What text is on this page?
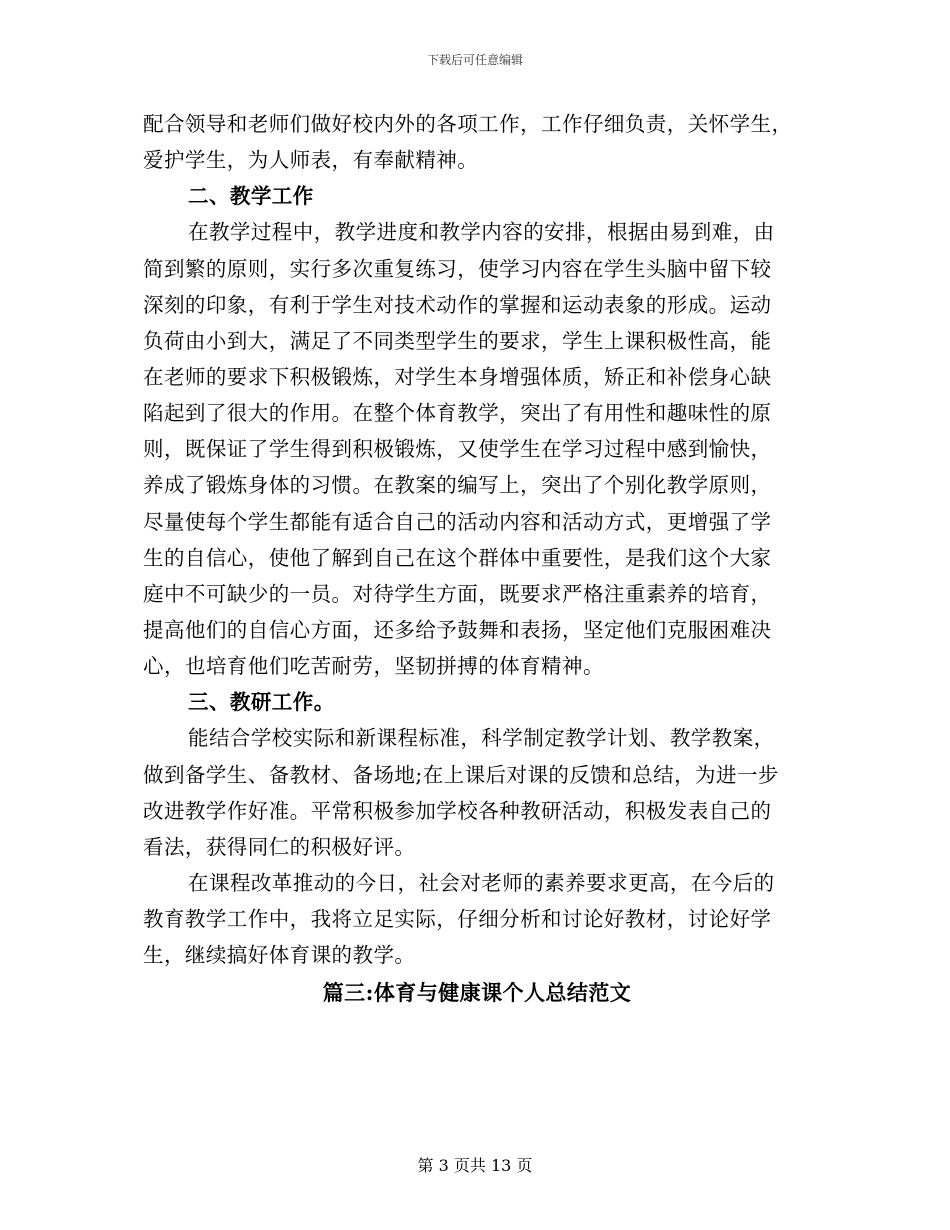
下载后可任意编辑
配合领导和老师们做好校内外的各项工作，工作仔细负责，关怀学生，
爱护学生，为人师表，有奉献精神。
二、教学工作
在教学过程中，教学进度和教学内容的安排，根据由易到难，由
简到繁的原则，实行多次重复练习，使学习内容在学生头脑中留下较
深刻的印象，有利于学生对技术动作的掌握和运动表象的形成。运动
负荷由小到大，满足了不同类型学生的要求，学生上课积极性高，能
在老师的要求下积极锻炼，对学生本身增强体质，矫正和补偿身心缺
陷起到了很大的作用。在整个体育教学，突出了有用性和趣味性的原
则，既保证了学生得到积极锻炼，又使学生在学习过程中感到愉快，
养成了锻炼身体的习惯。在教案的编写上，突出了个别化教学原则，
尽量使每个学生都能有适合自己的活动内容和活动方式，更增强了学
生的自信心，使他了解到自己在这个群体中重要性，是我们这个大家
庭中不可缺少的一员。对待学生方面，既要求严格注重素养的培育，
提高他们的自信心方面，还多给予鼓舞和表扬，坚定他们克服困难决
心，也培育他们吃苦耐劳，坚韧拼搏的体育精神。
三、教研工作。
能结合学校实际和新课程标准，科学制定教学计划、教学教案，
做到备学生、备教材、备场地;在上课后对课的反馈和总结，为进一步
改进教学作好准。平常积极参加学校各种教研活动，积极发表自己的
看法，获得同仁的积极好评。
在课程改革推动的今日，社会对老师的素养要求更高，在今后的
教育教学工作中，我将立足实际，仔细分析和讨论好教材，讨论好学
生，继续搞好体育课的教学。
篇三:体育与健康课个人总结范文
第 3 页共 13 页
